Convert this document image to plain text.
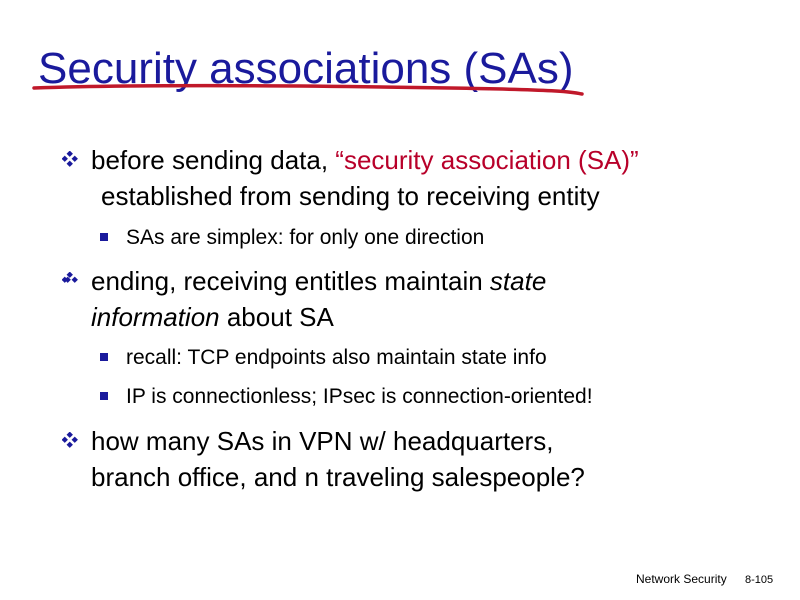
Security associations (SAs)
before sending data, “security association (SA)”
established from sending to receiving entity
SAs are simplex: for only one direction
ending, receiving entitles maintain state
information about SA
recall: TCP endpoints also maintain state info
IP is connectionless; IPsec is connection-oriented!
how many SAs in VPN w/ headquarters,
branch office, and n traveling salespeople?
Network Security 8-105
